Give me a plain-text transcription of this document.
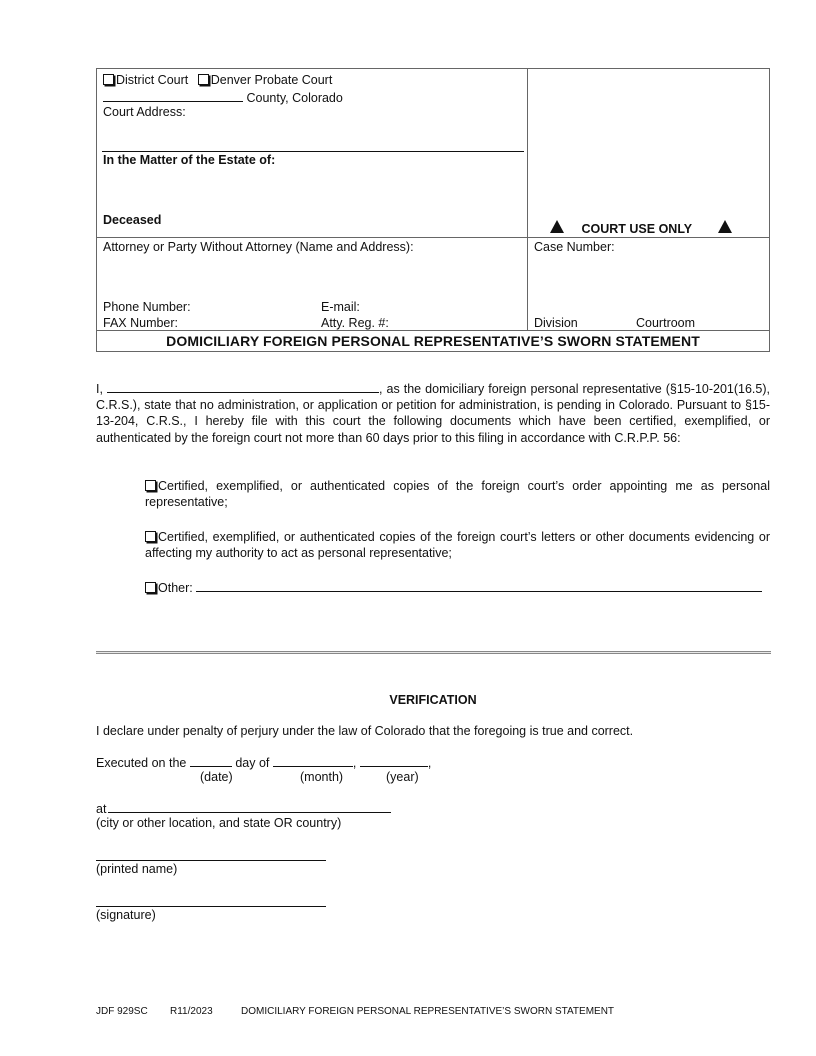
District Court Denver Probate Court
County, Colorado
Court Address:
In the Matter of the Estate of:
Deceased
COURT USE ONLY
Attorney or Party Without Attorney (Name and Address):
Phone Number:	E-mail:
FAX Number:	Atty. Reg. #:
Case Number:
Division	Courtroom
DOMICILIARY FOREIGN PERSONAL REPRESENTATIVE’S SWORN STATEMENT
I,	, as the domiciliary foreign personal representative (§15-10-201(16.5), C.R.S.), state that no administration, or application or petition for administration, is pending in Colorado. Pursuant to §15-13-204, C.R.S., I hereby file with this court the following documents which have been certified, exemplified, or authenticated by the foreign court not more than 60 days prior to this filing in accordance with C.R.P.P. 56:
Certified, exemplified, or authenticated copies of the foreign court’s order appointing me as personal representative;
Certified, exemplified, or authenticated copies of the foreign court’s letters or other documents evidencing or affecting my authority to act as personal representative;
Other:
VERIFICATION
I declare under penalty of perjury under the law of Colorado that the foregoing is true and correct.
Executed on the	day of	,	,
(date)	(month)	(year)
at
(city or other location, and state OR country)
(printed name)
(signature)
JDF 929SC R11/2023	DOMICILIARY FOREIGN PERSONAL REPRESENTATIVE’S SWORN STATEMENT
